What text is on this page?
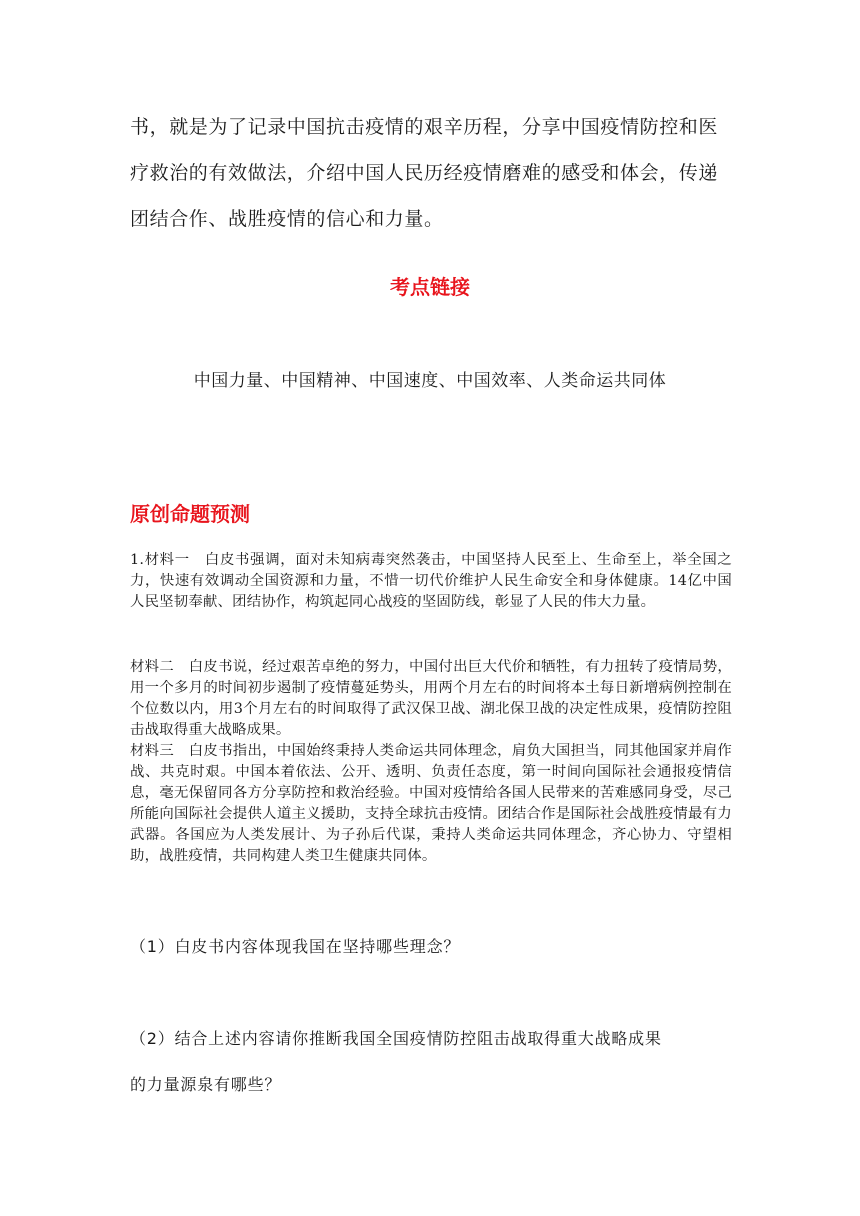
书，就是为了记录中国抗击疫情的艰辛历程，分享中国疫情防控和医

疗救治的有效做法，介绍中国人民历经疫情磨难的感受和体会，传递

团结合作、战胜疫情的信心和力量。

考点链接

中国力量、中国精神、中国速度、中国效率、人类命运共同体

原创命题预测

1.材料一　白皮书强调，面对未知病毒突然袭击，中国坚持人民至上、生命至上，举全国之力，快速有效调动全国资源和力量，不惜一切代价维护人民生命安全和身体健康。14亿中国人民坚韧奉献、团结协作，构筑起同心战疫的坚固防线，彰显了人民的伟大力量。

材料二　白皮书说，经过艰苦卓绝的努力，中国付出巨大代价和牺牲，有力扭转了疫情局势，用一个多月的时间初步遏制了疫情蔓延势头，用两个月左右的时间将本土每日新增病例控制在个位数以内，用3个月左右的时间取得了武汉保卫战、湖北保卫战的决定性成果，疫情防控阻击战取得重大战略成果。

材料三　白皮书指出，中国始终秉持人类命运共同体理念，肩负大国担当，同其他国家并肩作战、共克时艰。中国本着依法、公开、透明、负责任态度，第一时间向国际社会通报疫情信息，毫无保留同各方分享防控和救治经验。中国对疫情给各国人民带来的苦难感同身受，尽己所能向国际社会提供人道主义援助，支持全球抗击疫情。团结合作是国际社会战胜疫情最有力武器。各国应为人类发展计、为子孙后代谋，秉持人类命运共同体理念，齐心协力、守望相助，战胜疫情，共同构建人类卫生健康共同体。

（1）白皮书内容体现我国在坚持哪些理念？

（2）结合上述内容请你推断我国全国疫情防控阻击战取得重大战略成果

的力量源泉有哪些？
